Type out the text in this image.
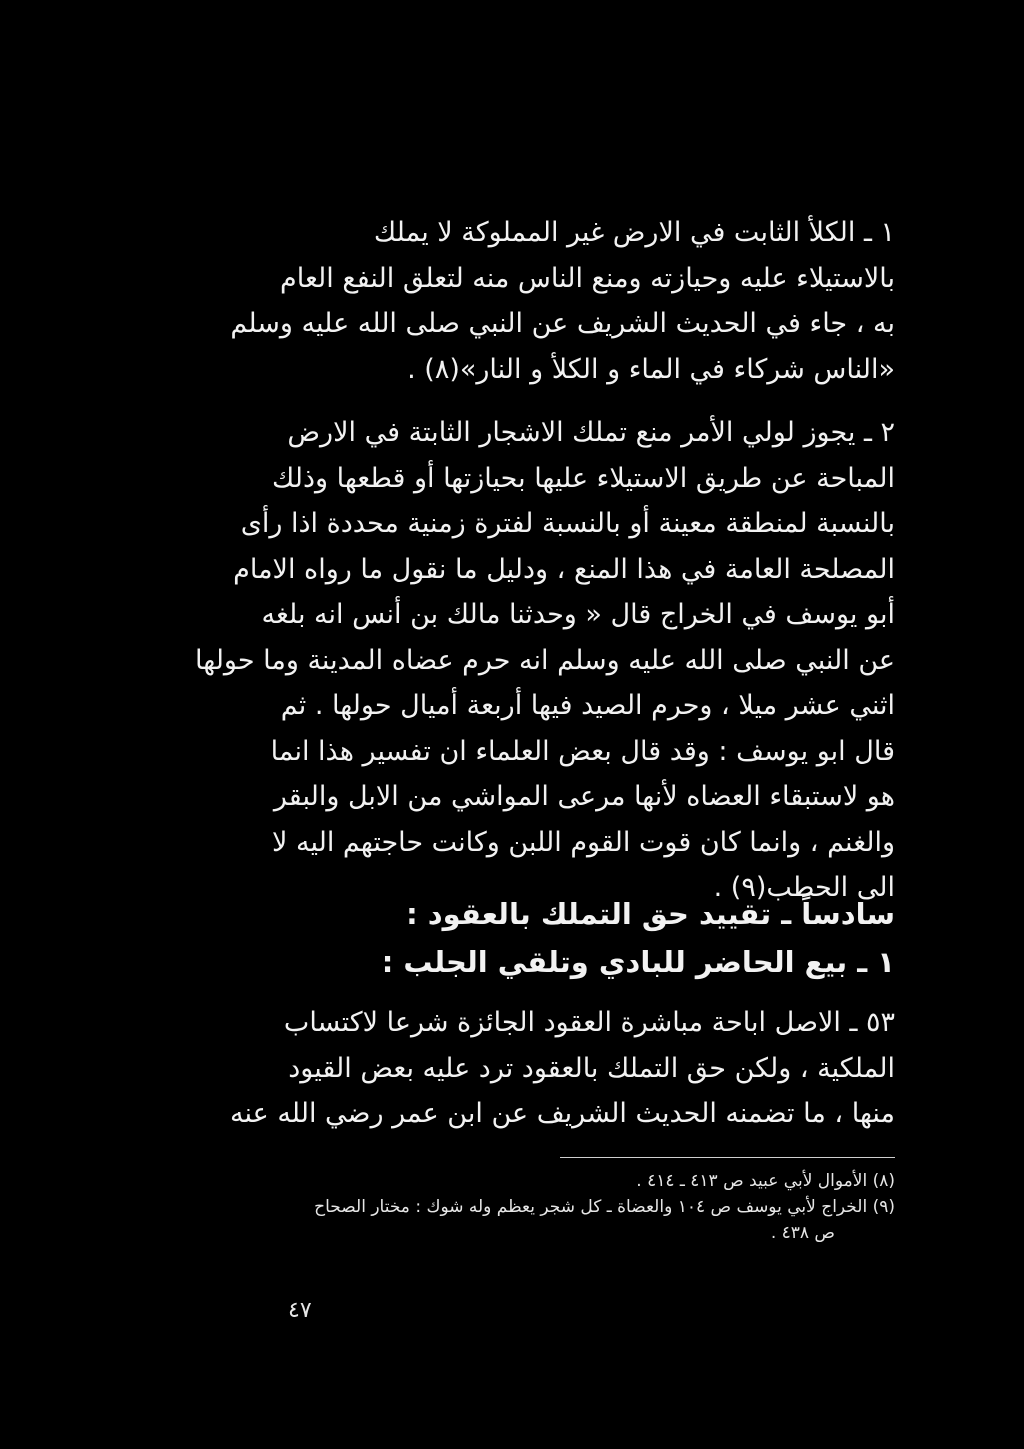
١ ـ الكلأ الثابت في الارض غير المملوكة لا يملك
بالاستيلاء عليه وحيازته ومنع الناس منه لتعلق النفع العام
به ، جاء في الحديث الشريف عن النبي صلى الله عليه وسلم
«الناس شركاء في الماء و الكلأ و النار»(٨) .
٢ ـ يجوز لولي الأمر منع تملك الاشجار الثابتة في الارض
المباحة عن طريق الاستيلاء عليها بحيازتها أو قطعها وذلك
بالنسبة لمنطقة معينة أو بالنسبة لفترة زمنية محددة اذا رأى
المصلحة العامة في هذا المنع ، ودليل ما نقول ما رواه الامام
أبو يوسف في الخراج قال « وحدثنا مالك بن أنس انه بلغه
عن النبي صلى الله عليه وسلم انه حرم عضاه المدينة وما حولها
اثني عشر ميلا ، وحرم الصيد فيها أربعة أميال حولها . ثم
قال ابو يوسف : وقد قال بعض العلماء ان تفسير هذا انما
هو لاستبقاء العضاه لأنها مرعى المواشي من الابل والبقر
والغنم ، وانما كان قوت القوم اللبن وكانت حاجتهم اليه لا
الى الحطب(٩) .
سادساً ـ تقييد حق التملك بالعقود :
١ ـ بيع الحاضر للبادي وتلقي الجلب :
٥٣ ـ الاصل اباحة مباشرة العقود الجائزة شرعا لاكتساب
الملكية ، ولكن حق التملك بالعقود ترد عليه بعض القيود
منها ، ما تضمنه الحديث الشريف عن ابن عمر رضي الله عنه
(٨) الأموال لأبي عبيد ص ٤١٣ ـ ٤١٤ .
(٩) الخراج لأبي يوسف ص ١٠٤ والعضاة ـ كل شجر يعظم وله شوك : مختار الصحاح
ص ٤٣٨ .
٤٧
